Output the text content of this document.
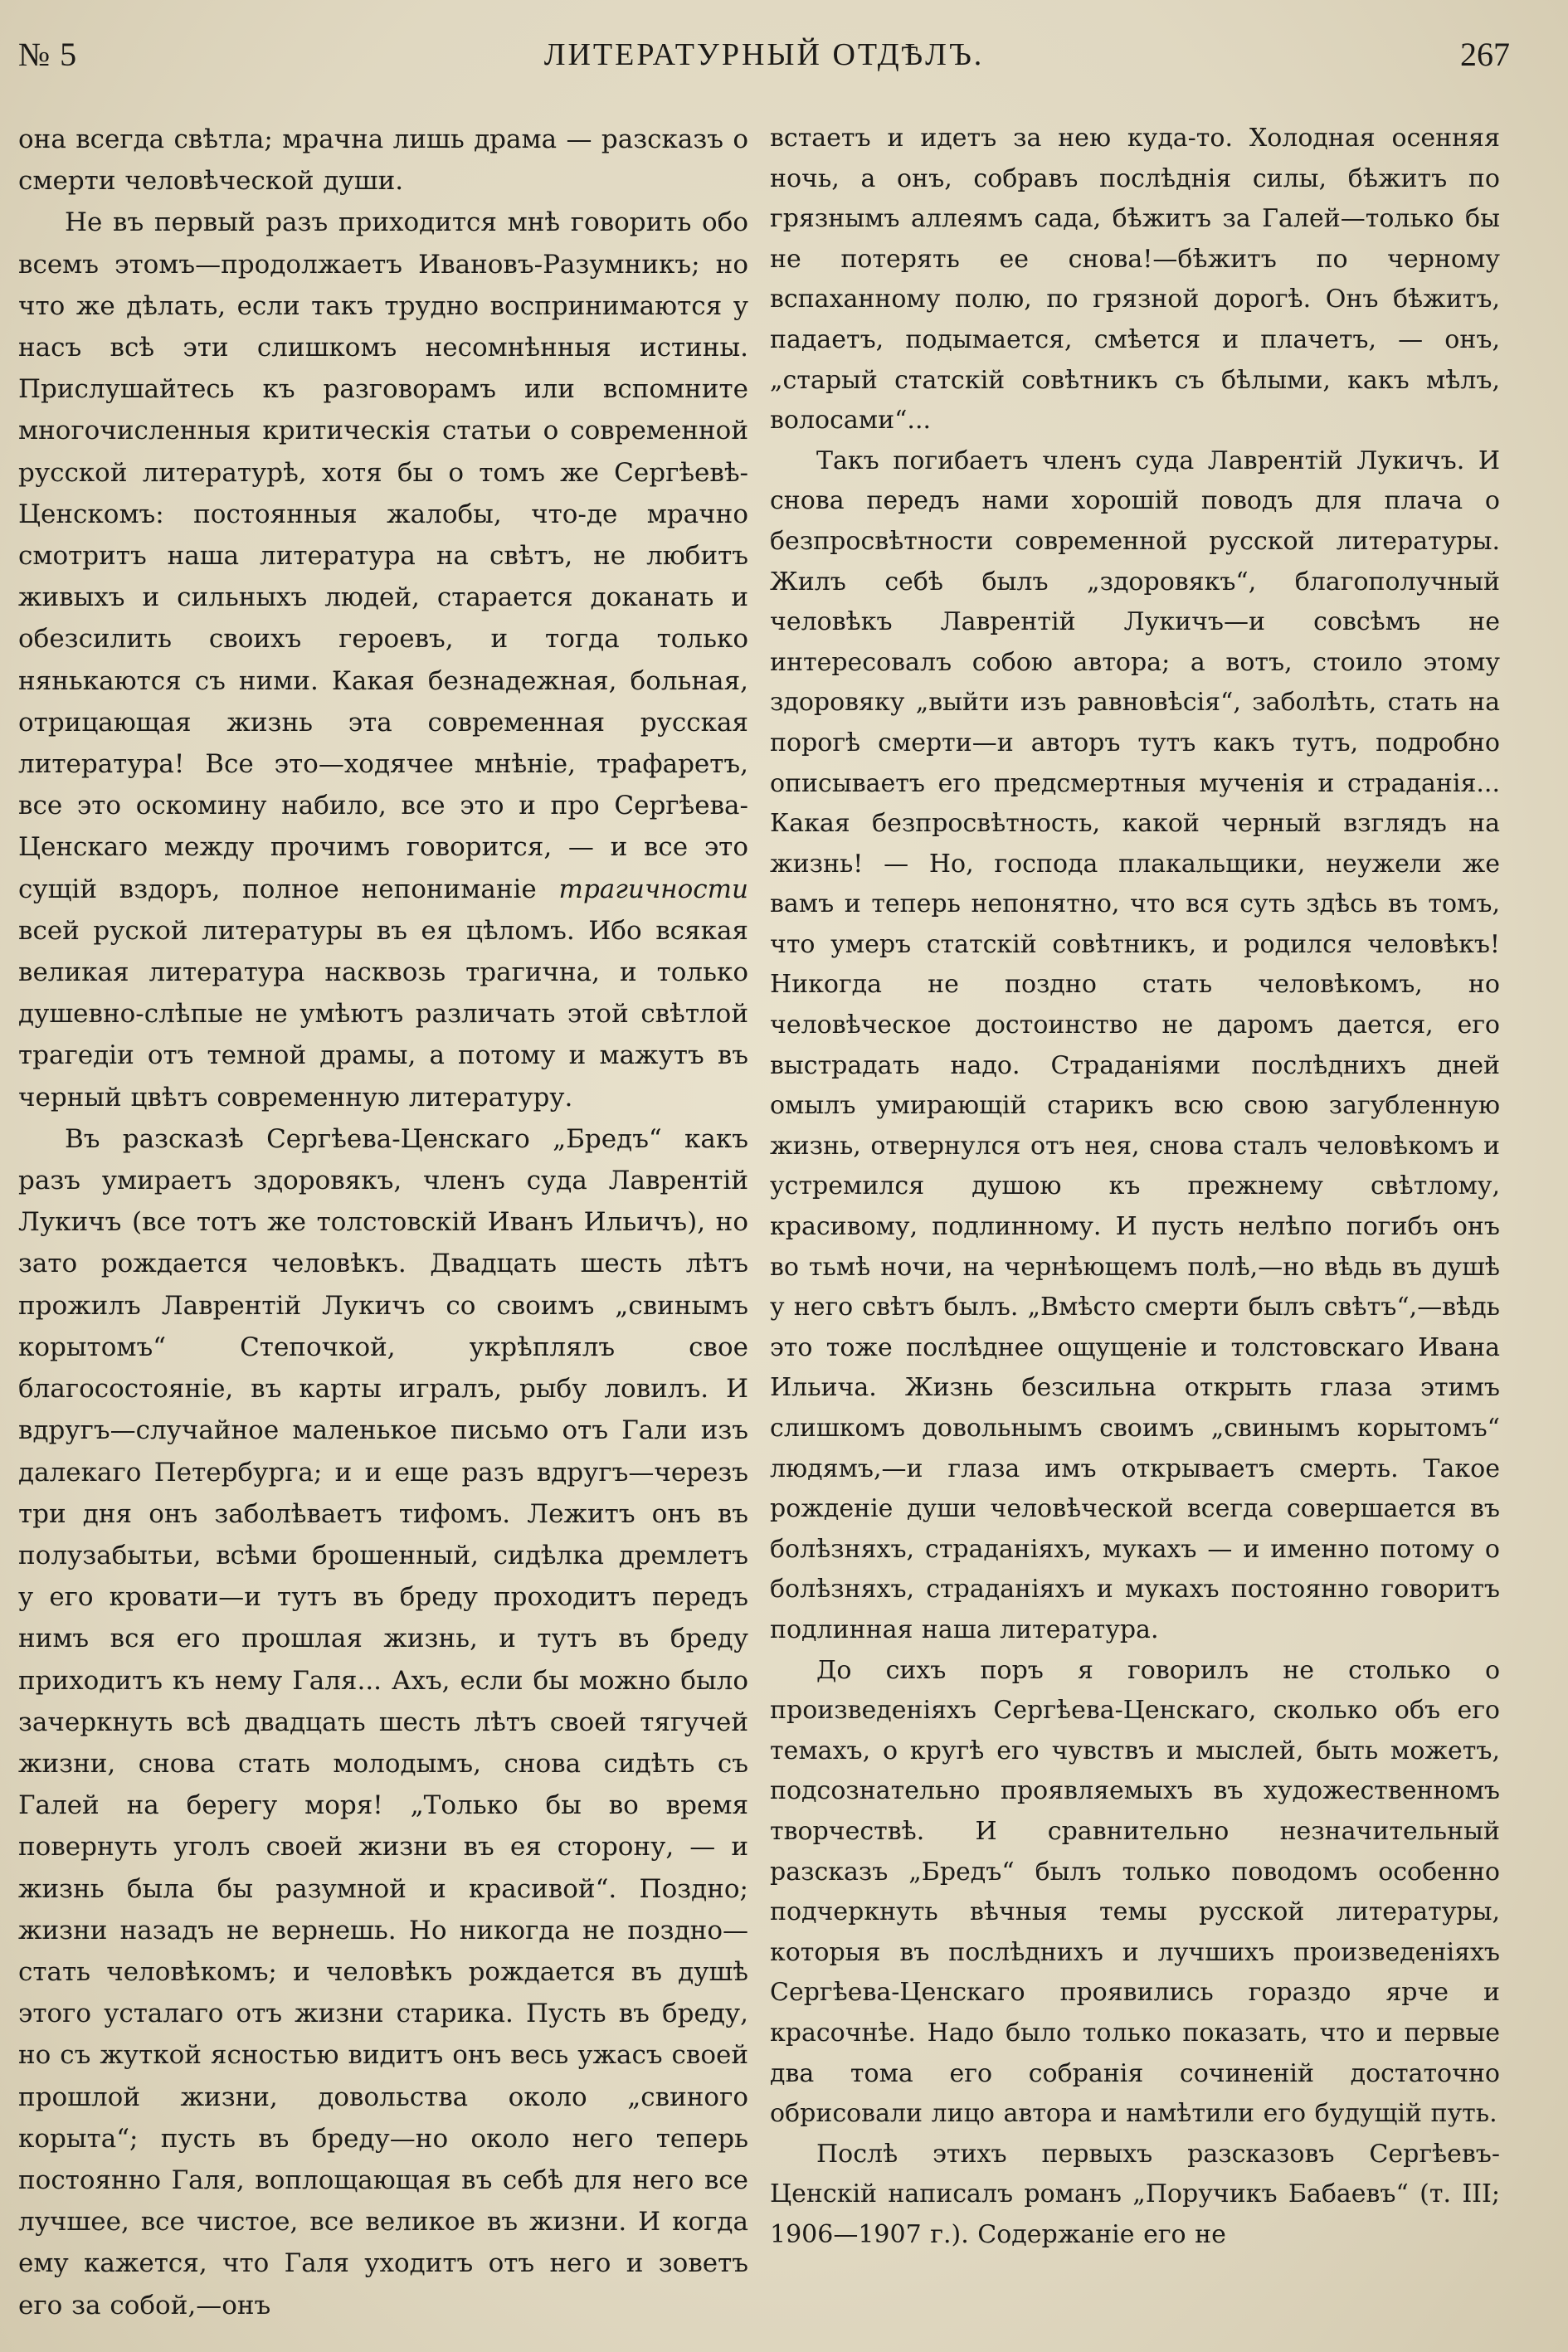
№ 5	ЛИТЕРАТУРНЫЙ ОТДѢЛЪ.	267

она всегда свѣтла; мрачна лишь драма — разсказъ о смерти человѣческой души.

Не въ первый разъ приходится мнѣ говорить обо всемъ этомъ—продолжаетъ Ивановъ-Разумникъ; но что же дѣлать, если такъ трудно воспринимаются у насъ всѣ эти слишкомъ несомнѣнныя истины. Прислушайтесь къ разговорамъ или вспомните многочисленныя критическія статьи о современной русской литературѣ, хотя бы о томъ же Сергѣевѣ-Ценскомъ: постоянныя жалобы, что-де мрачно смотритъ наша литература на свѣтъ, не любитъ живыхъ и сильныхъ людей, старается доканать и обезсилить своихъ героевъ, и тогда только нянькаются съ ними. Какая безнадежная, больная, отрицающая жизнь эта современная русская литература! Все это—ходячее мнѣніе, трафаретъ, все это оскомину набило, все это и про Сергѣева-Ценскаго между прочимъ говорится, — и все это сущій вздоръ, полное непониманіе трагичности всей руской литературы въ ея цѣломъ. Ибо всякая великая литература насквозь трагична, и только душевно-слѣпые не умѣютъ различать этой свѣтлой трагедіи отъ темной драмы, а потому и мажутъ въ черный цвѣтъ современную литературу.

Въ разсказѣ Сергѣева-Ценскаго „Бредъ“ какъ разъ умираетъ здоровякъ, членъ суда Лаврентій Лукичъ (все тотъ же толстовскій Иванъ Ильичъ), но зато рождается человѣкъ. Двадцать шесть лѣтъ прожилъ Лаврентій Лукичъ со своимъ „свинымъ корытомъ“ Степочкой, укрѣплялъ свое благосостояніе, въ карты игралъ, рыбу ловилъ. И вдругъ—случайное маленькое письмо отъ Гали изъ далекаго Петербурга; и и еще разъ вдругъ—черезъ три дня онъ заболѣваетъ тифомъ. Лежитъ онъ въ полузабытьи, всѣми брошенный, сидѣлка дремлетъ у его кровати—и тутъ въ бреду проходитъ передъ нимъ вся его прошлая жизнь, и тутъ въ бреду приходитъ къ нему Галя... Ахъ, если бы можно было зачеркнуть всѣ двадцать шесть лѣтъ своей тягучей жизни, снова стать молодымъ, снова сидѣть съ Галей на берегу моря! „Только бы во время повернуть уголъ своей жизни въ ея сторону, — и жизнь была бы разумной и красивой“. Поздно; жизни назадъ не вернешь. Но никогда не поздно—стать человѣкомъ; и человѣкъ рождается въ душѣ этого усталаго отъ жизни старика. Пусть въ бреду, но съ жуткой ясностью видитъ онъ весь ужасъ своей прошлой жизни, довольства около „свиного корыта“; пусть въ бреду—но около него теперь постоянно Галя, воплощающая въ себѣ для него все лучшее, все чистое, все великое въ жизни. И когда ему кажется, что Галя уходитъ отъ него и зоветъ его за собой,—онъ

встаетъ и идетъ за нею куда-то. Холодная осенняя ночь, а онъ, собравъ послѣднія силы, бѣжитъ по грязнымъ аллеямъ сада, бѣжитъ за Галей—только бы не потерять ее снова!—бѣжитъ по черному вспаханному полю, по грязной дорогѣ. Онъ бѣжитъ, падаетъ, подымается, смѣется и плачетъ, — онъ, „старый статскій совѣтникъ съ бѣлыми, какъ мѣлъ, волосами“...

Такъ погибаетъ членъ суда Лаврентій Лукичъ. И снова передъ нами хорошій поводъ для плача о безпросвѣтности современной русской литературы. Жилъ себѣ былъ „здоровякъ“, благополучный человѣкъ Лаврентій Лукичъ—и совсѣмъ не интересовалъ собою автора; а вотъ, стоило этому здоровяку „выйти изъ равновѣсія“, заболѣть, стать на порогѣ смерти—и авторъ тутъ какъ тутъ, подробно описываетъ его предсмертныя мученія и страданія... Какая безпросвѣтность, какой черный взглядъ на жизнь! — Но, господа плакальщики, неужели же вамъ и теперь непонятно, что вся суть здѣсь въ томъ, что умеръ статскій совѣтникъ, и родился человѣкъ! Никогда не поздно стать человѣкомъ, но человѣческое достоинство не даромъ дается, его выстрадать надо. Страданіями послѣднихъ дней омылъ умирающій старикъ всю свою загубленную жизнь, отвернулся отъ нея, снова сталъ человѣкомъ и устремился душою къ прежнему свѣтлому, красивому, подлинному. И пусть нелѣпо погибъ онъ во тьмѣ ночи, на чернѣющемъ полѣ,—но вѣдь въ душѣ у него свѣтъ былъ. „Вмѣсто смерти былъ свѣтъ“,—вѣдь это тоже послѣднее ощущеніе и толстовскаго Ивана Ильича. Жизнь безсильна открыть глаза этимъ слишкомъ довольнымъ своимъ „свинымъ корытомъ“ людямъ,—и глаза имъ открываетъ смерть. Такое рожденіе души человѣческой всегда совершается въ болѣзняхъ, страданіяхъ, мукахъ — и именно потому о болѣзняхъ, страданіяхъ и мукахъ постоянно говоритъ подлинная наша литература.

До сихъ поръ я говорилъ не столько о произведеніяхъ Сергѣева-Ценскаго, сколько объ его темахъ, о кругѣ его чувствъ и мыслей, быть можетъ, подсознательно проявляемыхъ въ художественномъ творчествѣ. И сравнительно незначительный разсказъ „Бредъ“ былъ только поводомъ особенно подчеркнуть вѣчныя темы русской литературы, которыя въ послѣднихъ и лучшихъ произведеніяхъ Сергѣева-Ценскаго проявились гораздо ярче и красочнѣе. Надо было только показать, что и первые два тома его собранія сочиненій достаточно обрисовали лицо автора и намѣтили его будущій путь.

Послѣ этихъ первыхъ разсказовъ Сергѣевъ-Ценскій написалъ романъ „Поручикъ Бабаевъ“ (т. III; 1906—1907 г.). Содержаніе его не
